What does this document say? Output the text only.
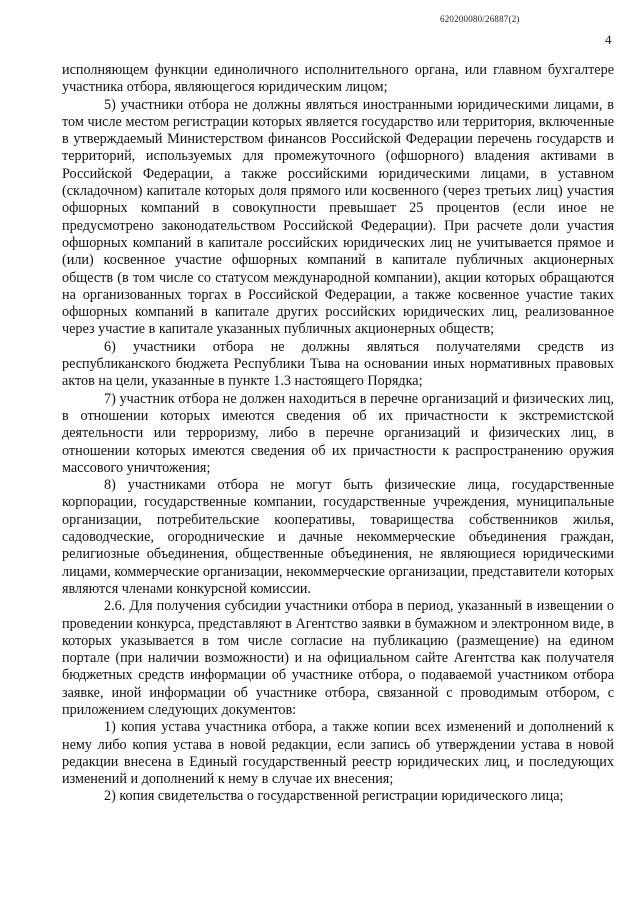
620200080/26887(2)
4

исполняющем функции единоличного исполнительного органа, или главном бухгалтере участника отбора, являющегося юридическим лицом;

5) участники отбора не должны являться иностранными юридическими лицами, в том числе местом регистрации которых является государство или территория, включенные в утверждаемый Министерством финансов Российской Федерации перечень государств и территорий, используемых для промежуточного (офшорного) владения активами в Российской Федерации, а также российскими юридическими лицами, в уставном (складочном) капитале которых доля прямого или косвенного (через третьих лиц) участия офшорных компаний в совокупности превышает 25 процентов (если иное не предусмотрено законодательством Российской Федерации). При расчете доли участия офшорных компаний в капитале российских юридических лиц не учитывается прямое и (или) косвенное участие офшорных компаний в капитале публичных акционерных обществ (в том числе со статусом международной компании), акции которых обращаются на организованных торгах в Российской Федерации, а также косвенное участие таких офшорных компаний в капитале других российских юридических лиц, реализованное через участие в капитале указанных публичных акционерных обществ;

6) участники отбора не должны являться получателями средств из республиканского бюджета Республики Тыва на основании иных нормативных правовых актов на цели, указанные в пункте 1.3 настоящего Порядка;

7) участник отбора не должен находиться в перечне организаций и физических лиц, в отношении которых имеются сведения об их причастности к экстремистской деятельности или терроризму, либо в перечне организаций и физических лиц, в отношении которых имеются сведения об их причастности к распространению оружия массового уничтожения;

8) участниками отбора не могут быть физические лица, государственные корпорации, государственные компании, государственные учреждения, муниципальные организации, потребительские кооперативы, товарищества собственников жилья, садоводческие, огороднические и дачные некоммерческие объединения граждан, религиозные объединения, общественные объединения, не являющиеся юридическими лицами, коммерческие организации, некоммерческие организации, представители которых являются членами конкурсной комиссии.

2.6. Для получения субсидии участники отбора в период, указанный в извещении о проведении конкурса, представляют в Агентство заявки в бумажном и электронном виде, в которых указывается в том числе согласие на публикацию (размещение) на едином портале (при наличии возможности) и на официальном сайте Агентства как получателя бюджетных средств информации об участнике отбора, о подаваемой участником отбора заявке, иной информации об участнике отбора, связанной с проводимым отбором, с приложением следующих документов:

1) копия устава участника отбора, а также копии всех изменений и дополнений к нему либо копия устава в новой редакции, если запись об утверждении устава в новой редакции внесена в Единый государственный реестр юридических лиц, и последующих изменений и дополнений к нему в случае их внесения;

2) копия свидетельства о государственной регистрации юридического лица;
